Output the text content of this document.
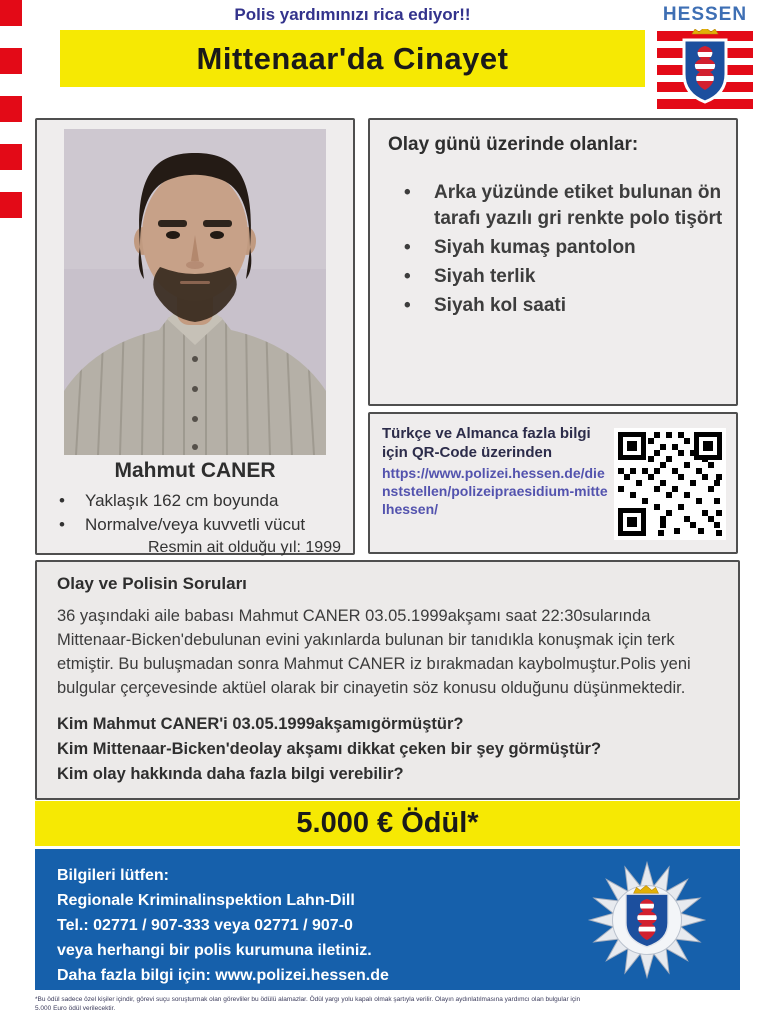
Polis yardımınızı rica ediyor!!
Mittenaar'da Cinayet
HESSEN
Mahmut CANER
• Yaklaşık 162 cm boyunda
• Normalve/veya kuvvetli vücut
Resmin ait olduğu yıl: 1999
Olay günü üzerinde olanlar:
• Arka yüzünde etiket bulunan ön tarafı yazılı gri renkte polo tişört
• Siyah kumaş pantolon
• Siyah terlik
• Siyah kol saati
Türkçe ve Almanca fazla bilgi için QR-Code üzerinden
https://www.polizei.hessen.de/dienststellen/polizeipraesidium-mittelhessen/
Olay ve Polisin Soruları
36 yaşındaki aile babası Mahmut CANER 03.05.1999akşamı saat 22:30sularında Mittenaar-Bicken'debulunan evini yakınlarda bulunan bir tanıdıkla konuşmak için terk etmiştir. Bu buluşmadan sonra Mahmut CANER iz bırakmadan kaybolmuştur.Polis yeni bulgular çerçevesinde aktüel olarak bir cinayetin söz konusu olduğunu düşünmektedir.
Kim Mahmut CANER'i 03.05.1999akşamıgörmüştür?
Kim Mittenaar-Bicken'deolay akşamı dikkat çeken bir şey görmüştür?
Kim olay hakkında daha fazla bilgi verebilir?
5.000 € Ödül*
Bilgileri lütfen:
Regionale Kriminalinspektion Lahn-Dill
Tel.: 02771 / 907-333 veya 02771 / 907-0
veya herhangi bir polis kurumuna iletiniz.
Daha fazla bilgi için: www.polizei.hessen.de
*Bu ödül sadece özel kişiler içindir, görevi suçu soruşturmak olan görevliler bu ödülü alamazlar. Ödül yargı yolu kapalı olmak şartıyla verilir. Olayın aydınlatılmasına yardımcı olan bulgular için
5.000 Euro ödül verilecektir.
